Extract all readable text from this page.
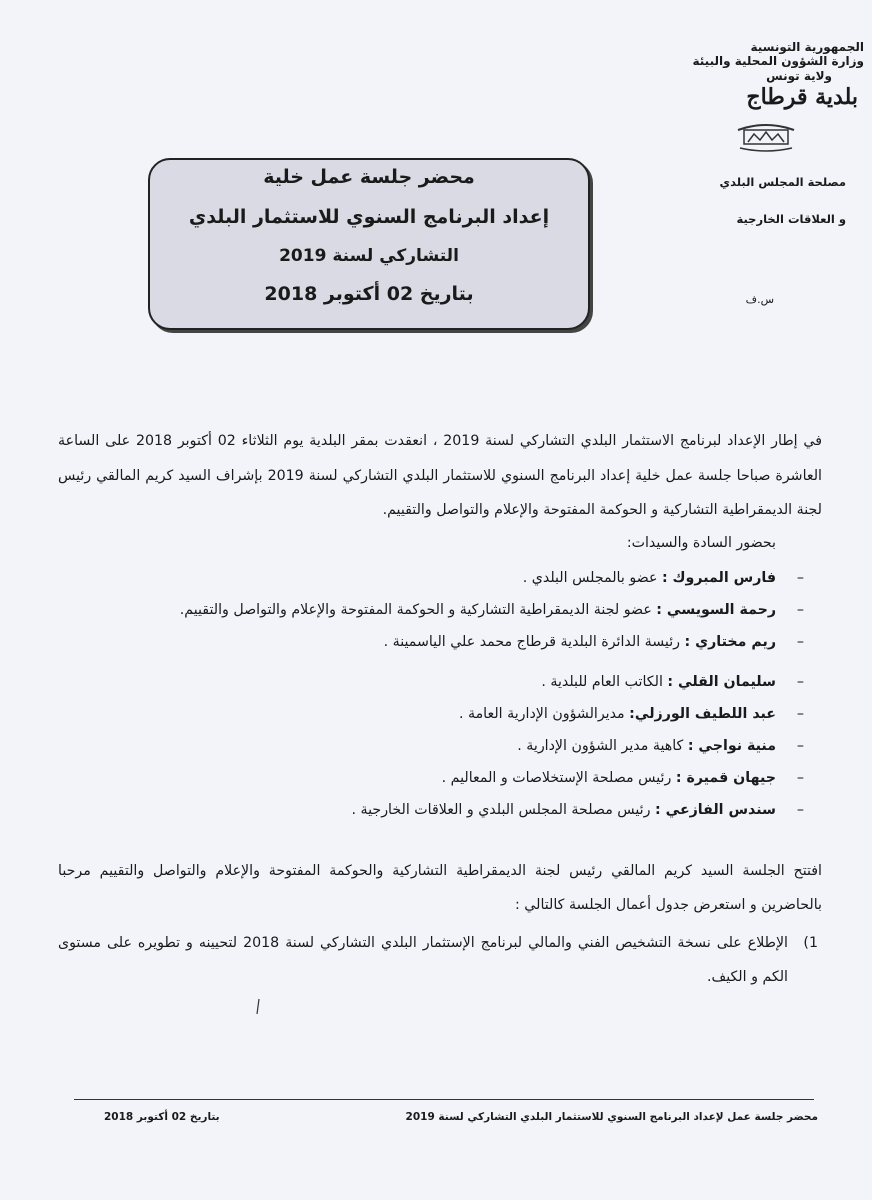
الجمهورية التونسية
وزارة الشؤون المحلية والبيئة
ولاية تونس
بلدية قرطاج
مصلحة المجلس البلدي
و العلاقات الخارجية
س.ف
محضر جلسة عمل خلية
إعداد البرنامج السنوي للاستثمار البلدي
التشاركي لسنة 2019
بتاريخ 02 أكتوبر 2018

في إطار الإعداد لبرنامج الاستثمار البلدي التشاركي لسنة 2019 ، انعقدت بمقر البلدية يوم الثلاثاء 02 أكتوبر 2018 على الساعة العاشرة صباحا جلسة عمل خلية إعداد البرنامج السنوي للاستثمار البلدي التشاركي لسنة 2019 بإشراف السيد كريم المالقي رئيس لجنة الديمقراطية التشاركية و الحوكمة المفتوحة والإعلام والتواصل والتقييم.

بحضور السادة والسيدات:

–
فارس المبروك : عضو بالمجلس البلدي .
–
رحمة السويسي : عضو لجنة الديمقراطية التشاركية و الحوكمة المفتوحة والإعلام والتواصل والتقييم.
–
ريم مختاري : رئيسة الدائرة البلدية قرطاج محمد علي الياسمينة .
–
سليمان القلي : الكاتب العام للبلدية .
–
عبد اللطيف الورزلي: مديرالشؤون الإدارية العامة .
–
منية نواجي : كاهية مدير الشؤون الإدارية .
–
جيهان قميرة : رئيس مصلحة الإستخلاصات و المعاليم .
–
سندس الفازعي : رئيس مصلحة المجلس البلدي و العلاقات الخارجية .

افتتح الجلسة السيد كريم المالقي رئيس لجنة الديمقراطية التشاركية والحوكمة المفتوحة والإعلام والتواصل والتقييم مرحبا بالحاضرين و استعرض جدول أعمال الجلسة كالتالي :

1)
الإطلاع على نسخة التشخيص الفني والمالي لبرنامج الإستثمار البلدي التشاركي لسنة 2018 لتحيينه و تطويره على مستوى الكم و الكيف.

محضر جلسة عمل لإعداد البرنامج السنوي للاستثمار البلدي التشاركي لسنة 2019
بتاريخ 02 أكتوبر 2018
